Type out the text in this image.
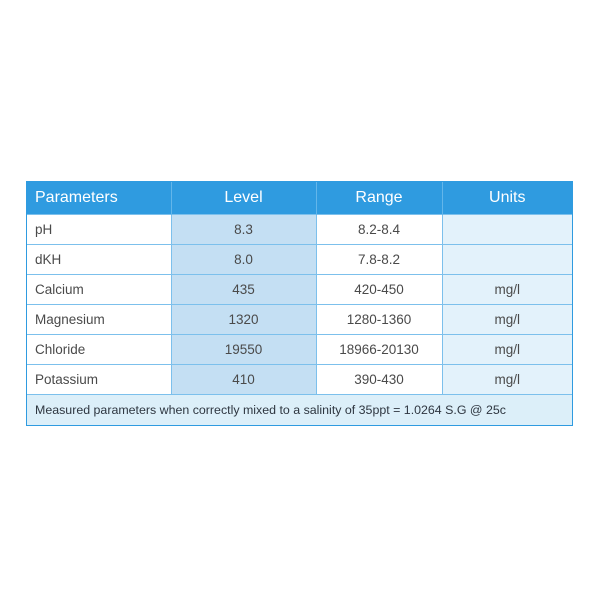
Parameters	Level	Range	Units
pH	8.3	8.2-8.4	
dKH	8.0	7.8-8.2	
Calcium	435	420-450	mg/l
Magnesium	1320	1280-1360	mg/l
Chloride	19550	18966-20130	mg/l
Potassium	410	390-430	mg/l
Measured parameters when correctly mixed to a salinity of 35ppt = 1.0264 S.G @ 25c			
